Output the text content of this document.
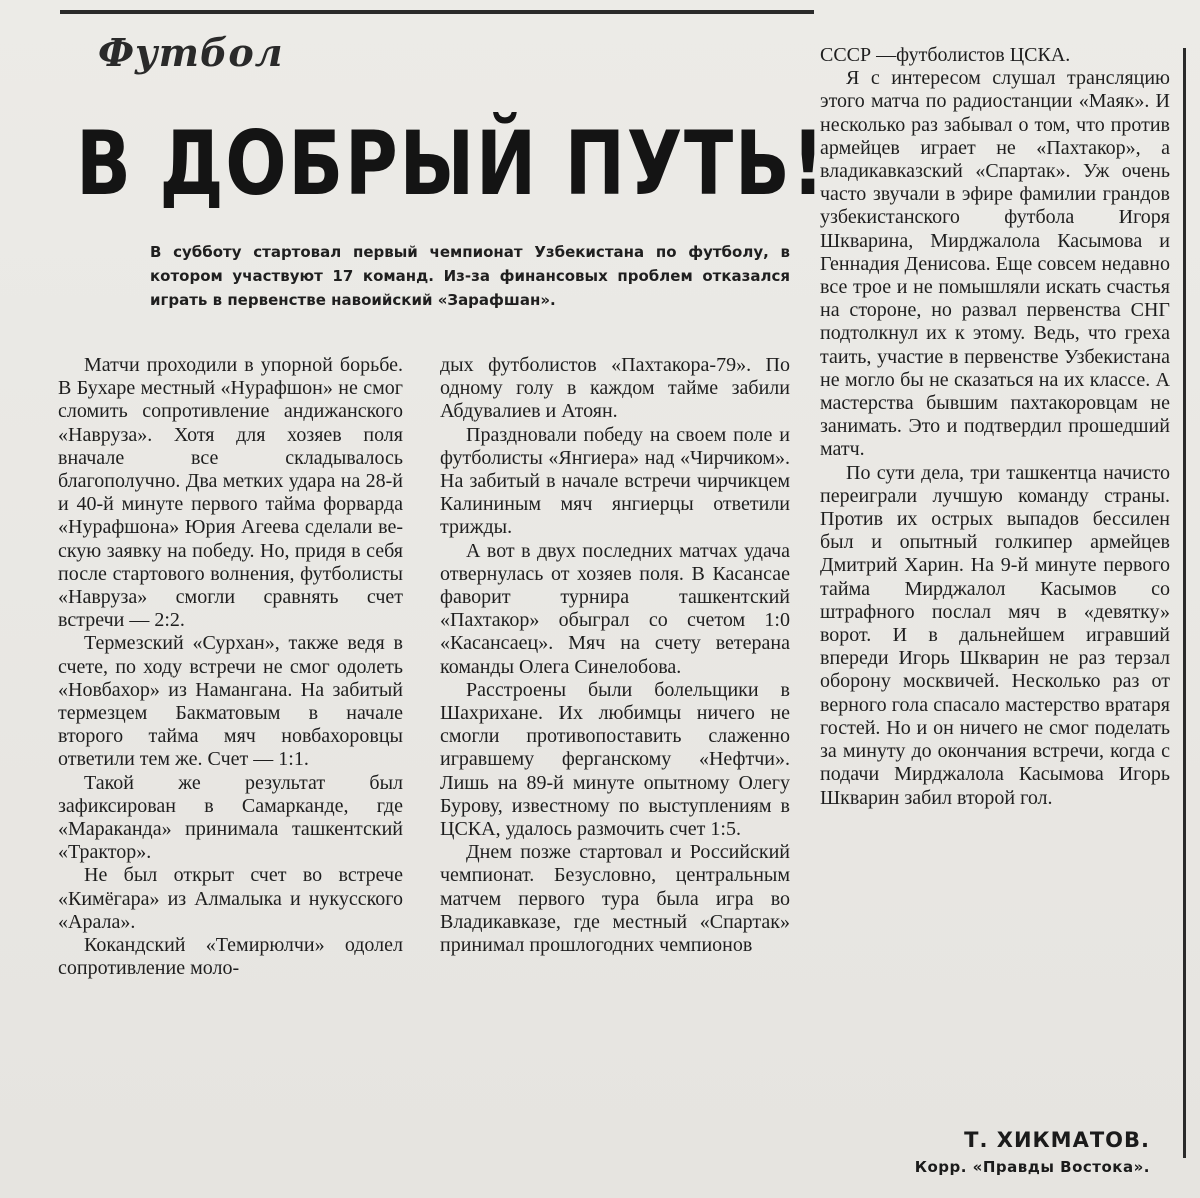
Футбол
В ДОБРЫЙ ПУТЬ!
В субботу стартовал первый чемпионат Узбекистана по футболу, в котором участвуют 17 команд. Из-за финансовых проблем отказался играть в первенстве навоийский «Зарафшан».

Матчи проходили в упорной борьбе. В Бухаре местный «Нурафшон» не смог сломить сопротивление андижанского «Навруза». Хотя для хозяев поля вначале все складывалось благополучно. Два метких удара на 28-й и 40-й минуте первого тайма форварда «Нурафшона» Юрия Агеева сделали вескую заявку на победу. Но, придя в себя после стартового волнения, футболисты «Навруза» смогли сравнять счет встречи — 2:2.

Термезский «Сурхан», также ведя в счете, по ходу встречи не смог одолеть «Новбахор» из Намангана. На забитый термезцем Бакматовым в начале второго тайма мяч новбахоровцы ответили тем же. Счет — 1:1.

Такой же результат был зафиксирован в Самарканде, где «Мараканда» принимала ташкентский «Трактор».

Не был открыт счет во встрече «Кимёгара» из Алмалыка и нукусского «Арала».

Кокандский «Темирюлчи» одолел сопротивление моло-

дых футболистов «Пахтакора-79». По одному голу в каждом тайме забили Абдувалиев и Атоян.

Праздновали победу на своем поле и футболисты «Янгиера» над «Чирчиком». На забитый в начале встречи чирчикцем Калининым мяч янгиерцы ответили трижды.

А вот в двух последних матчах удача отвернулась от хозяев поля. В Касансае фаворит турнира ташкентский «Пахтакор» обыграл со счетом 1:0 «Касансаец». Мяч на счету ветерана команды Олега Синелобова.

Расстроены были болельщики в Шахрихане. Их любимцы ничего не смогли противопоставить слаженно игравшему ферганскому «Нефтчи». Лишь на 89-й минуте опытному Олегу Бурову, известному по выступлениям в ЦСКА, удалось размочить счет 1:5.

Днем позже стартовал и Российский чемпионат. Безусловно, центральным матчем первого тура была игра во Владикавказе, где местный «Спартак» принимал прошлогодних чемпионов

СССР —футболистов ЦСКА.

Я с интересом слушал трансляцию этого матча по радиостанции «Маяк». И несколько раз забывал о том, что против армейцев играет не «Пахтакор», а владикавказский «Спартак». Уж очень часто звучали в эфире фамилии грандов узбекистанского футбола Игоря Шкварина, Мирджалола Касымова и Геннадия Денисова. Еще совсем недавно все трое и не помышляли искать счастья на стороне, но развал первенства СНГ подтолкнул их к этому. Ведь, что греха таить, участие в первенстве Узбекистана не могло бы не сказаться на их классе. А мастерства бывшим пахтакоровцам не занимать. Это и подтвердил прошедший матч.

По сути дела, три ташкентца начисто переиграли лучшую команду страны. Против их острых выпадов бессилен был и опытный голкипер армейцев Дмитрий Харин. На 9-й минуте первого тайма Мирджалол Касымов со штрафного послал мяч в «девятку» ворот. И в дальнейшем игравший впереди Игорь Шкварин не раз терзал оборону москвичей. Несколько раз от верного гола спасало мастерство вратаря гостей. Но и он ничего не смог поделать за минуту до окончания встречи, когда с подачи Мирджалола Касымова Игорь Шкварин забил второй гол.

Т. ХИКМАТОВ.
Корр. «Правды Востока».
